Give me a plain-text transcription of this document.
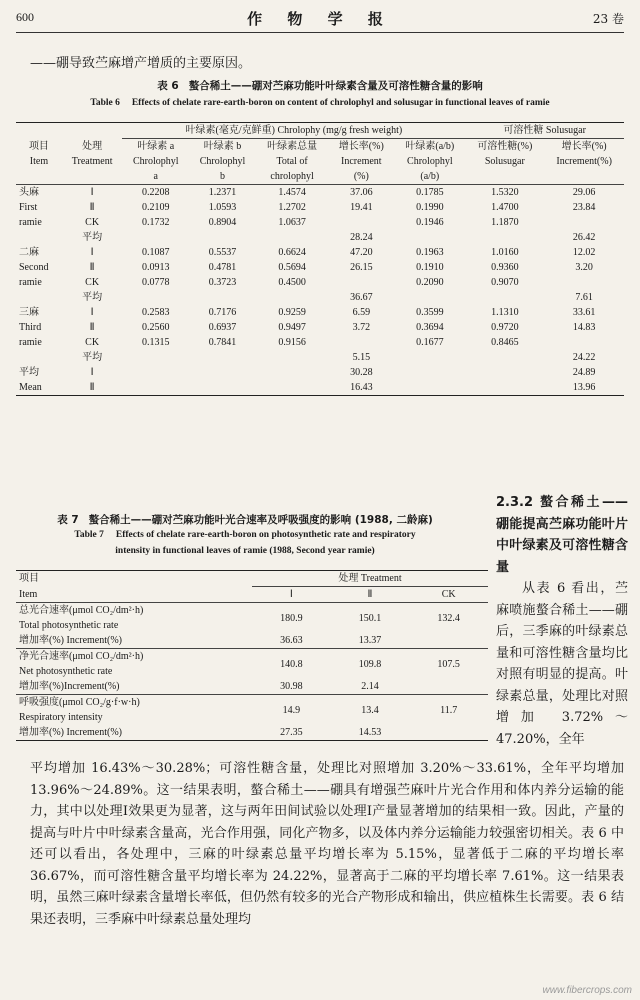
600	作 物 学 报	23 卷
——硼导致苎麻增产增质的主要原因。
表 6 螯合稀土——硼对苎麻功能叶叶绿素含量及可溶性糖含量的影响
Table 6 Effects of chelate rare-earth-boron on content of chrolophyl and solusugar in functional leaves of ramie
		叶绿素(毫克/克鲜重) Chrolophy (mg/g fresh weight)					可溶性糖 Solusugar	
项目	处理	叶绿素 a	叶绿素 b	叶绿素总量	增长率(%)	叶绿素(a/b)	可溶性糖(%)	增长率(%)
Item	Treatment	Chrolophyl	Chrolophyl	Total of	Increment	Chrolophyl	Solusugar	Increment(%)
		a	b	chrolophyl	(%)	(a/b)		
头麻	Ⅰ	0.2208	1.2371	1.4574	37.06	0.1785	1.5320	29.06
First	Ⅱ	0.2109	1.0593	1.2702	19.41	0.1990	1.4700	23.84
ramie	CK	0.1732	0.8904	1.0637		0.1946	1.1870	
	平均				28.24			26.42
二麻	Ⅰ	0.1087	0.5537	0.6624	47.20	0.1963	1.0160	12.02
Second	Ⅱ	0.0913	0.4781	0.5694	26.15	0.1910	0.9360	3.20
ramie	CK	0.0778	0.3723	0.4500		0.2090	0.9070	
	平均				36.67			7.61
三麻	Ⅰ	0.2583	0.7176	0.9259	6.59	0.3599	1.1310	33.61
Third	Ⅱ	0.2560	0.6937	0.9497	3.72	0.3694	0.9720	14.83
ramie	CK	0.1315	0.7841	0.9156		0.1677	0.8465	
	平均				5.15			24.22
平均	Ⅰ				30.28			24.89
Mean	Ⅱ				16.43			13.96
表 7 螯合稀土——硼对苎麻功能叶光合速率及呼吸强度的影响 (1988, 二龄麻)
Table 7 Effects of chelate rare-earth-boron on photosynthetic rate and respiratory
intensity in functional leaves of ramie (1988, Second year ramie)
项目	处理 Treatment		
Item	Ⅰ	Ⅱ	CK

总光合速率(μmol CO₂/dm²·h)
Total photosynthetic rate	180.9	150.1	132.4

增加率(%) Increment(%)	36.63	13.37	

净光合速率(μmol CO₂/dm²·h)
Net photosynthetic rate	140.8	109.8	107.5

增加率(%)Increment(%)	30.98	2.14	

呼吸强度(μmol CO₂/g·f·w·h)
Respiratory intensity	14.9	13.4	11.7

增加率(%) Increment(%)	27.35	14.53	
2.3.2 螯合稀土——硼能提高苎麻功能叶片中叶绿素及可溶性糖含量
从表 6 看出，苎麻喷施螯合稀土——硼后，三季麻的叶绿素总量和可溶性糖含量均比对照有明显的提高。叶绿素总量，处理比对照增加 3.72%～47.20%，全年
平均增加 16.43%～30.28%；可溶性糖含量，处理比对照增加 3.20%～33.61%，全年平均增加 13.96%～24.89%。这一结果表明，螯合稀土——硼具有增强苎麻叶片光合作用和体内养分运输的能力，其中以处理Ⅰ效果更为显著，这与两年田间试验以处理Ⅰ产量显著增加的结果相一致。因此，产量的提高与叶片中叶绿素含量高，光合作用强，同化产物多，以及体内养分运输能力较强密切相关。表 6 中还可以看出，各处理中，三麻的叶绿素总量平均增长率为 5.15%，显著低于二麻的平均增长率 36.67%，而可溶性糖含量平均增长率为 24.22%，显著高于二麻的平均增长率 7.61%。这一结果表明，虽然三麻叶绿素含量增长率低，但仍然有较多的光合产物形成和输出，供应植株生长需要。表 6 结果还表明，三季麻中叶绿素总量处理均
www.fibercrops.com
